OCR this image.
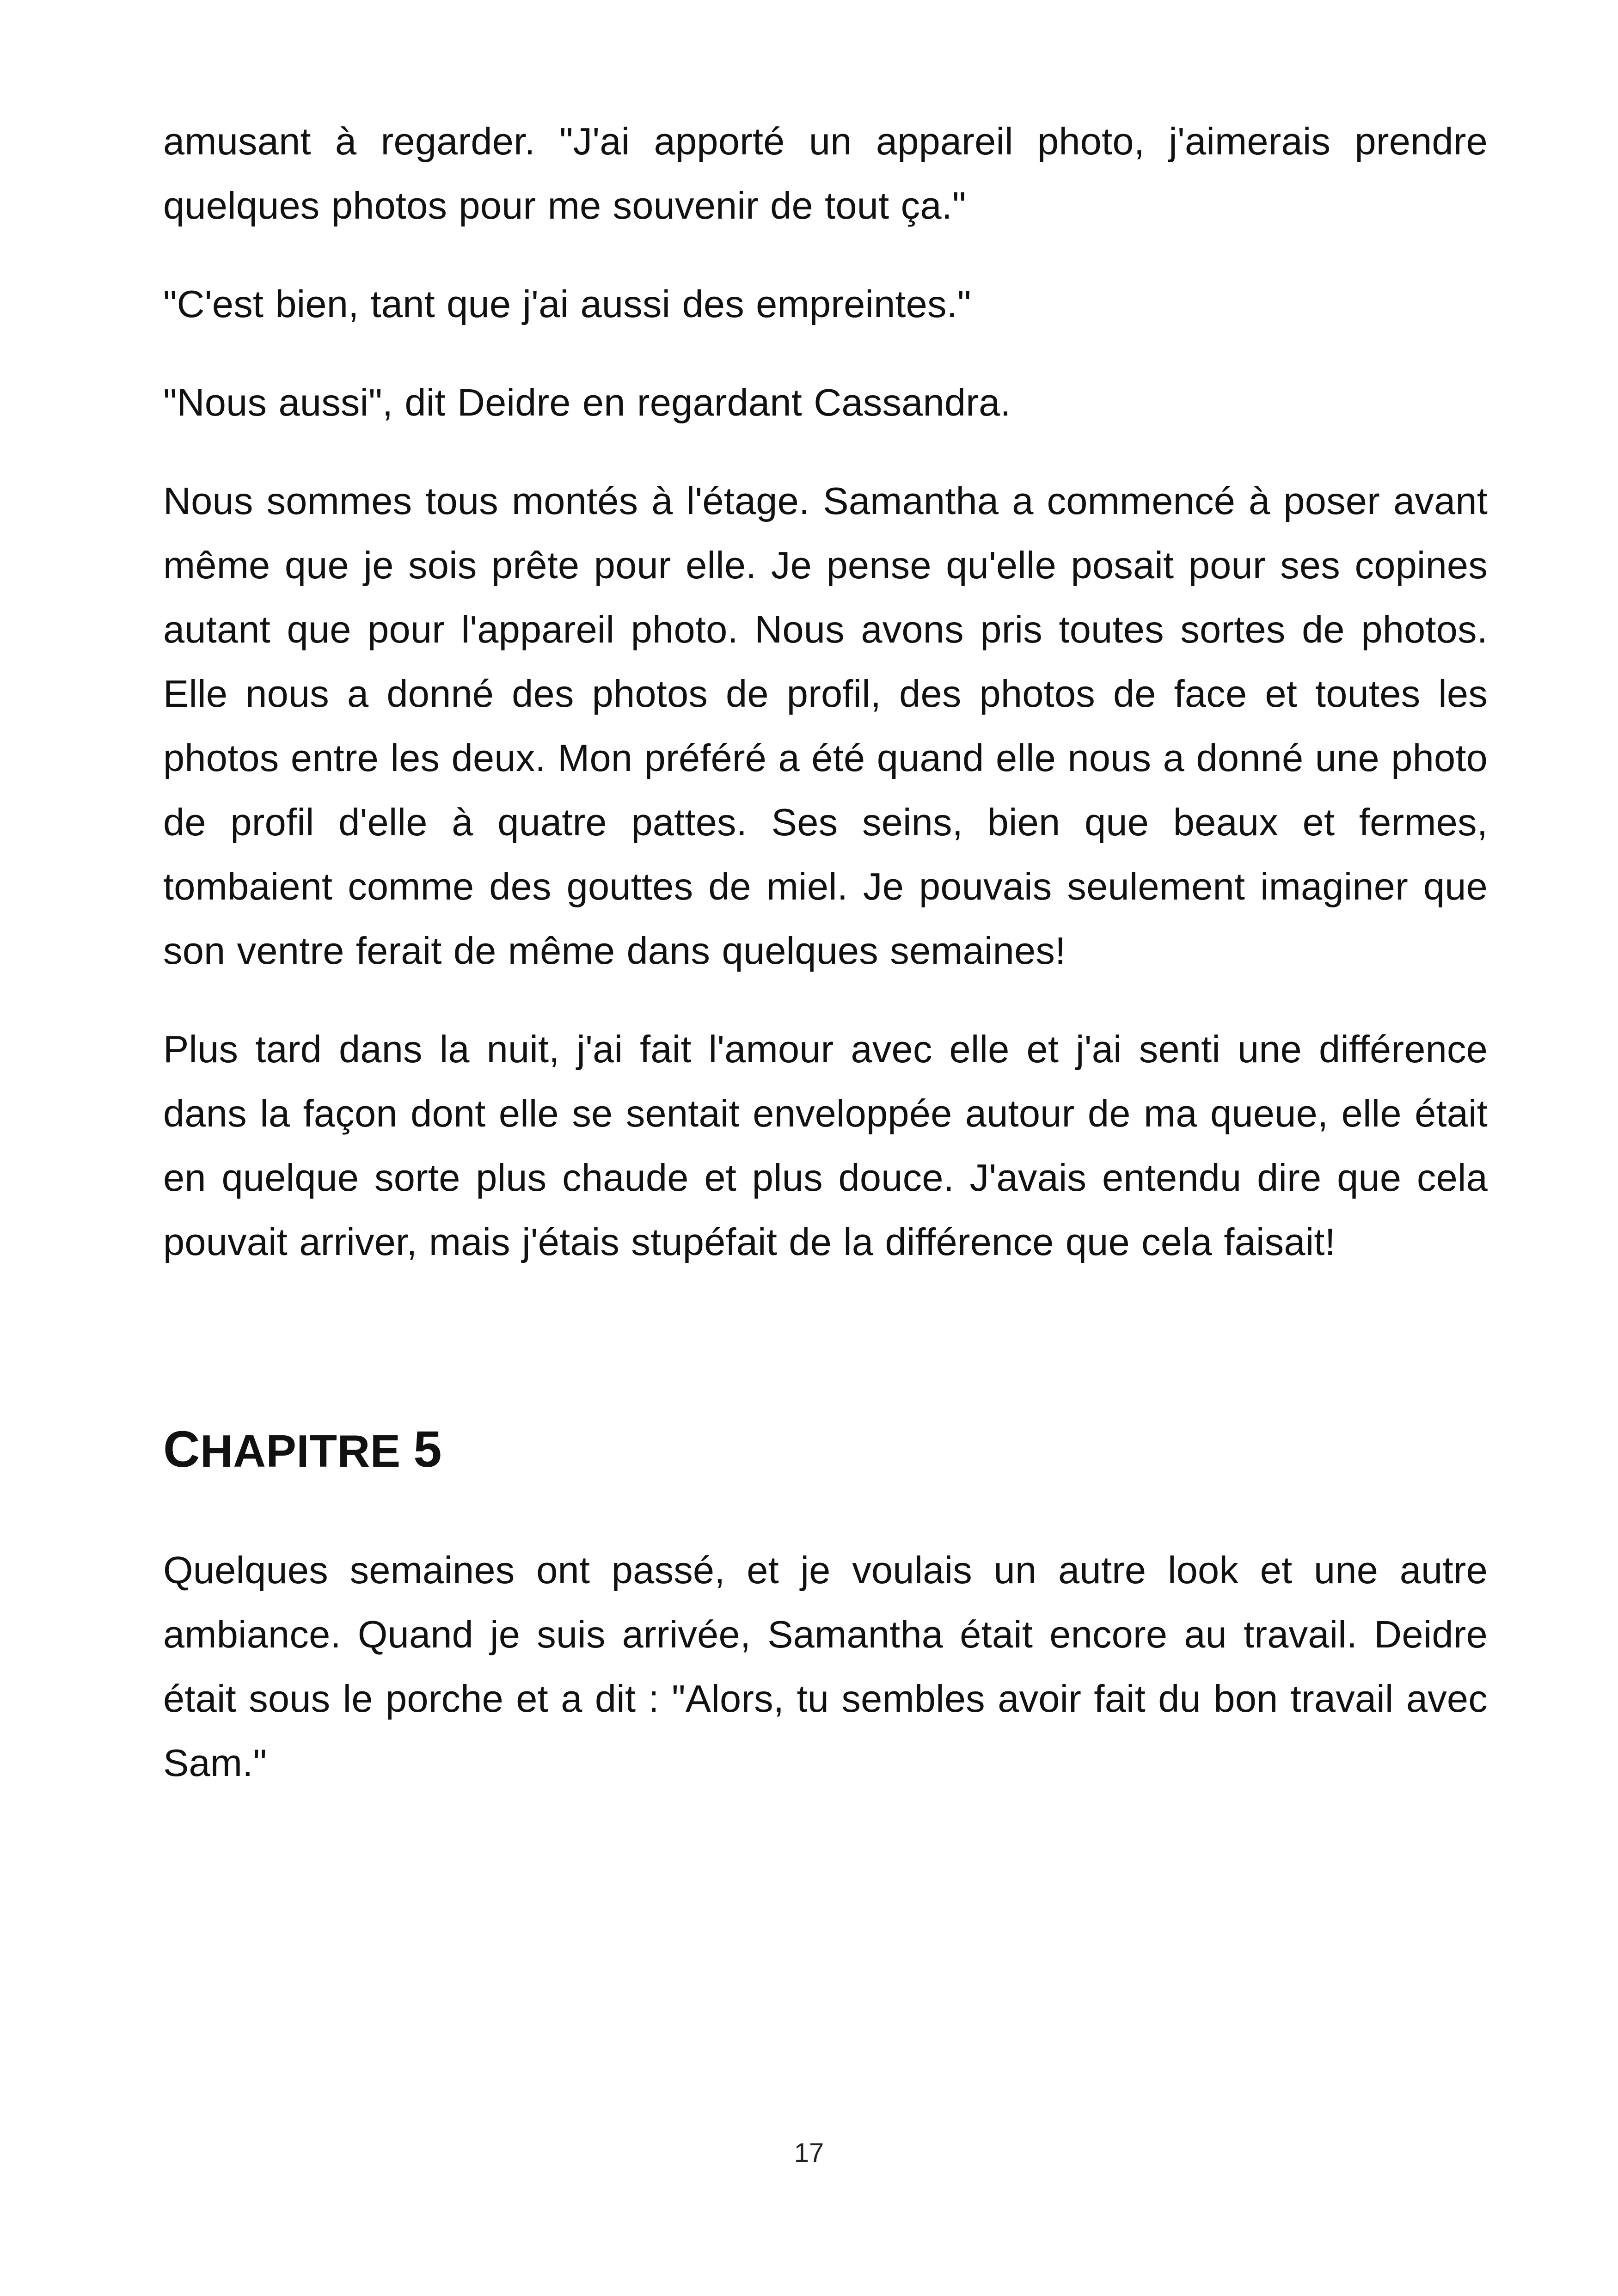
amusant à regarder. "J'ai apporté un appareil photo, j'aimerais prendre quelques photos pour me souvenir de tout ça."

"C'est bien, tant que j'ai aussi des empreintes."

"Nous aussi", dit Deidre en regardant Cassandra.

Nous sommes tous montés à l'étage. Samantha a commencé à poser avant même que je sois prête pour elle. Je pense qu'elle posait pour ses copines autant que pour l'appareil photo. Nous avons pris toutes sortes de photos. Elle nous a donné des photos de profil, des photos de face et toutes les photos entre les deux. Mon préféré a été quand elle nous a donné une photo de profil d'elle à quatre pattes. Ses seins, bien que beaux et fermes, tombaient comme des gouttes de miel. Je pouvais seulement imaginer que son ventre ferait de même dans quelques semaines!

Plus tard dans la nuit, j'ai fait l'amour avec elle et j'ai senti une différence dans la façon dont elle se sentait enveloppée autour de ma queue, elle était en quelque sorte plus chaude et plus douce. J'avais entendu dire que cela pouvait arriver, mais j'étais stupéfait de la différence que cela faisait!

CHAPITRE 5

Quelques semaines ont passé, et je voulais un autre look et une autre ambiance. Quand je suis arrivée, Samantha était encore au travail. Deidre était sous le porche et a dit : "Alors, tu sembles avoir fait du bon travail avec Sam."

17
